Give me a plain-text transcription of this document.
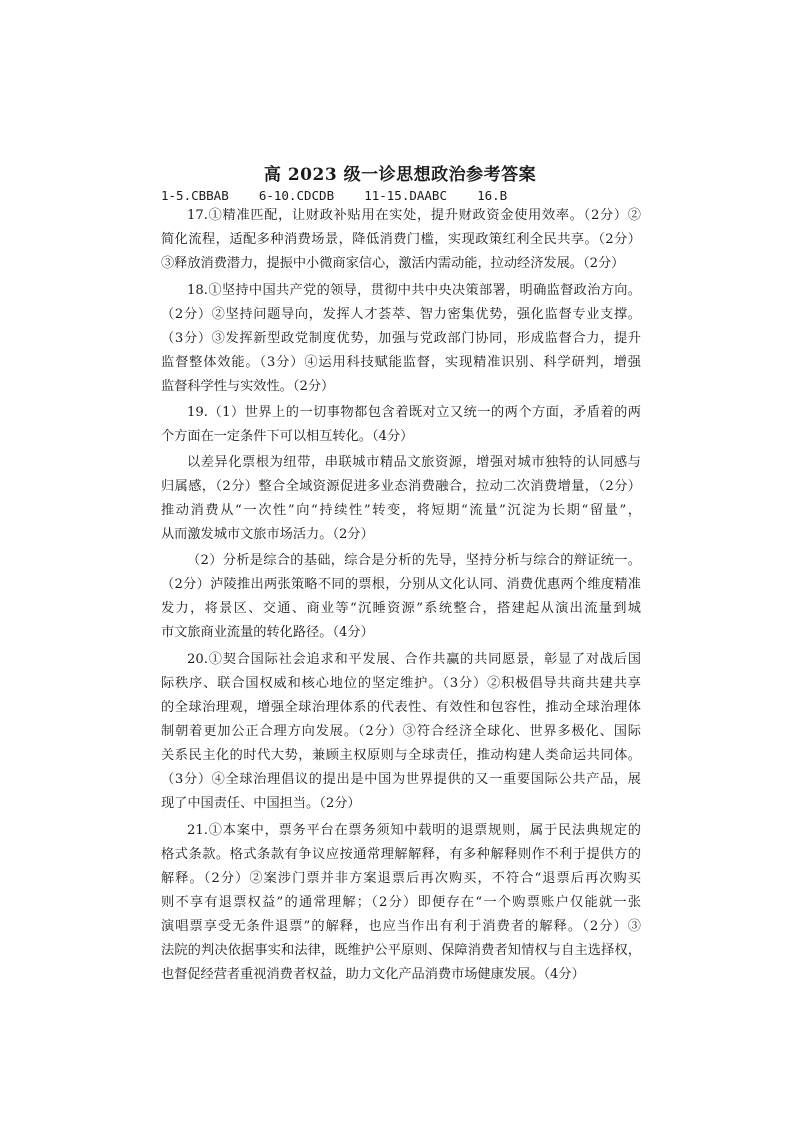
高 2023 级一诊思想政治参考答案
1-5.CBBAB    6-10.CDCDB    11-15.DAABC    16.B
17.①精准匹配，让财政补贴用在实处，提升财政资金使用效率。（2分）②
简化流程，适配多种消费场景，降低消费门槛，实现政策红利全民共享。（2分）
③释放消费潜力，提振中小微商家信心，激活内需动能，拉动经济发展。（2分）
18.①坚持中国共产党的领导，贯彻中共中央决策部署，明确监督政治方向。
（2分）②坚持问题导向，发挥人才荟萃、智力密集优势，强化监督专业支撑。
（3分）③发挥新型政党制度优势，加强与党政部门协同，形成监督合力，提升
监督整体效能。（3分）④运用科技赋能监督，实现精准识别、科学研判，增强
监督科学性与实效性。（2分）
19.（1）世界上的一切事物都包含着既对立又统一的两个方面，矛盾着的两
个方面在一定条件下可以相互转化。（4分）
以差异化票根为纽带，串联城市精品文旅资源，增强对城市独特的认同感与
归属感，（2分）整合全域资源促进多业态消费融合，拉动二次消费增量，（2分）
推动消费从“一次性”向“持续性”转变，将短期“流量”沉淀为长期“留量”，
从而激发城市文旅市场活力。（2分）
（2）分析是综合的基础，综合是分析的先导，坚持分析与综合的辩证统一。
（2分）泸陵推出两张策略不同的票根，分别从文化认同、消费优惠两个维度精准
发力，将景区、交通、商业等“沉睡资源”系统整合，搭建起从演出流量到城
市文旅商业流量的转化路径。（4分）
20.①契合国际社会追求和平发展、合作共赢的共同愿景，彰显了对战后国
际秩序、联合国权威和核心地位的坚定维护。（3分）②积极倡导共商共建共享
的全球治理观，增强全球治理体系的代表性、有效性和包容性，推动全球治理体
制朝着更加公正合理方向发展。（2分）③符合经济全球化、世界多极化、国际
关系民主化的时代大势，兼顾主权原则与全球责任，推动构建人类命运共同体。
（3分）④全球治理倡议的提出是中国为世界提供的又一重要国际公共产品，展
现了中国责任、中国担当。（2分）
21.①本案中，票务平台在票务须知中载明的退票规则，属于民法典规定的
格式条款。格式条款有争议应按通常理解解释，有多种解释则作不利于提供方的
解释。（2分）②案涉门票并非方案退票后再次购买，不符合“退票后再次购买
则不享有退票权益”的通常理解；（2分）即便存在“一个购票账户仅能就一张
演唱票享受无条件退票”的解释，也应当作出有利于消费者的解释。（2分）③
法院的判决依据事实和法律，既维护公平原则、保障消费者知情权与自主选择权，
也督促经营者重视消费者权益，助力文化产品消费市场健康发展。（4分）
